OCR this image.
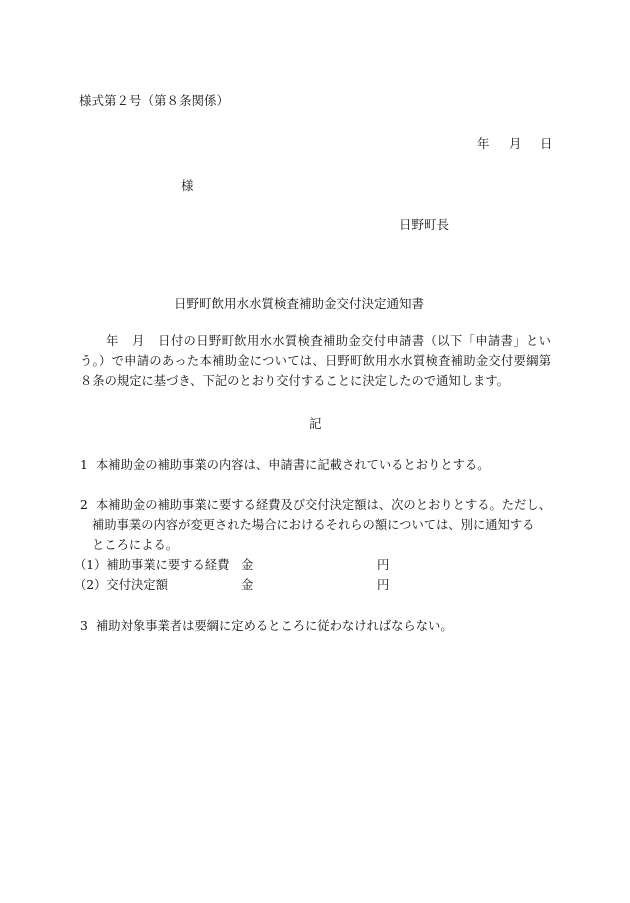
様式第２号（第８条関係）
年 月 日
様
日野町長
日野町飲用水水質検査補助金交付決定通知書
年 月 日付の日野町飲用水水質検査補助金交付申請書（以下「申請書」という。）で申請のあった本補助金については、日野町飲用水水質検査補助金交付要綱第８条の規定に基づき、下記のとおり交付することに決定したので通知します。
記
1 本補助金の補助事業の内容は、申請書に記載されているとおりとする。
2 本補助金の補助事業に要する経費及び交付決定額は、次のとおりとする。ただし、
補助事業の内容が変更された場合におけるそれらの額については、別に通知する
ところによる。
（1）補助事業に要する経費 金	円
（2）交付決定額	金	円
3 補助対象事業者は要綱に定めるところに従わなければならない。
